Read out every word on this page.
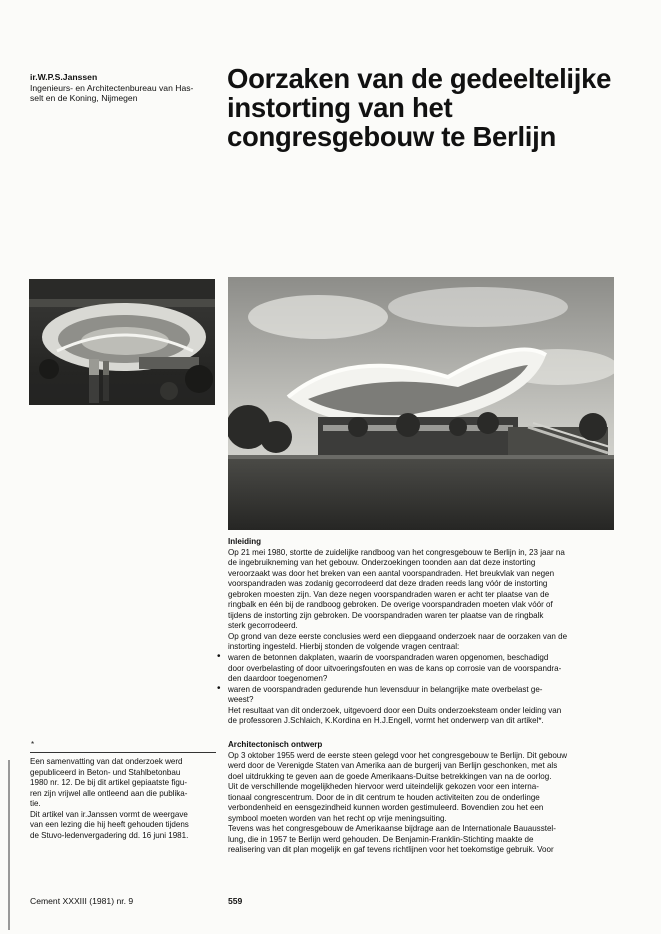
ir.W.P.S.Janssen
Ingenieurs- en Architectenbureau van Has-
selt en de Koning, Nijmegen
Oorzaken van de gedeeltelijke
instorting van het
congresgebouw te Berlijn
Inleiding
Op 21 mei 1980, stortte de zuidelijke randboog van het congresgebouw te Berlijn in, 23 jaar na
de ingebruikneming van het gebouw. Onderzoekingen toonden aan dat deze instorting
veroorzaakt was door het breken van een aantal voorspandraden. Het breukvlak van negen
voorspandraden was zodanig gecorrodeerd dat deze draden reeds lang vóór de instorting
gebroken moesten zijn. Van deze negen voorspandraden waren er acht ter plaatse van de
ringbalk en één bij de randboog gebroken. De overige voorspandraden moeten vlak vóór of
tijdens de instorting zijn gebroken. De voorspandraden waren ter plaatse van de ringbalk
sterk gecorrodeerd.
Op grond van deze eerste conclusies werd een diepgaand onderzoek naar de oorzaken van de
instorting ingesteld. Hierbij stonden de volgende vragen centraal:
• waren de betonnen dakplaten, waarin de voorspandraden waren opgenomen, beschadigd
door overbelasting of door uitvoeringsfouten en was de kans op corrosie van de voorspandra-
den daardoor toegenomen?
• waren de voorspandraden gedurende hun levensduur in belangrijke mate overbelast ge-
weest?
Het resultaat van dit onderzoek, uitgevoerd door een Duits onderzoeksteam onder leiding van
de professoren J.Schlaich, K.Kordina en H.J.Engell, vormt het onderwerp van dit artikel*.
Architectonisch ontwerp
Op 3 oktober 1955 werd de eerste steen gelegd voor het congresgebouw te Berlijn. Dit gebouw
werd door de Verenigde Staten van Amerika aan de burgerij van Berlijn geschonken, met als
doel uitdrukking te geven aan de goede Amerikaans-Duitse betrekkingen van na de oorlog.
Uit de verschillende mogelijkheden hiervoor werd uiteindelijk gekozen voor een interna-
tionaal congrescentrum. Door de in dit centrum te houden activiteiten zou de onderlinge
verbondenheid en eensgezindheid kunnen worden gestimuleerd. Bovendien zou het een
symbool moeten worden van het recht op vrije meningsuiting.
Tevens was het congresgebouw de Amerikaanse bijdrage aan de Internationale Bauausstel-
lung, die in 1957 te Berlijn werd gehouden. De Benjamin-Franklin-Stichting maakte de
realisering van dit plan mogelijk en gaf tevens richtlijnen voor het toekomstige gebruik. Voor
*
Een samenvatting van dat onderzoek werd
gepubliceerd in Beton- und Stahlbetonbau
1980 nr. 12. De bij dit artikel gepiaatste figu-
ren zijn vrijwel alle ontleend aan die publika-
tie.
Dit artikel van ir.Janssen vormt de weergave
van een lezing die hij heeft gehouden tijdens
de Stuvo-ledenvergadering dd. 16 juni 1981.
Cement XXXIII (1981) nr. 9	559
